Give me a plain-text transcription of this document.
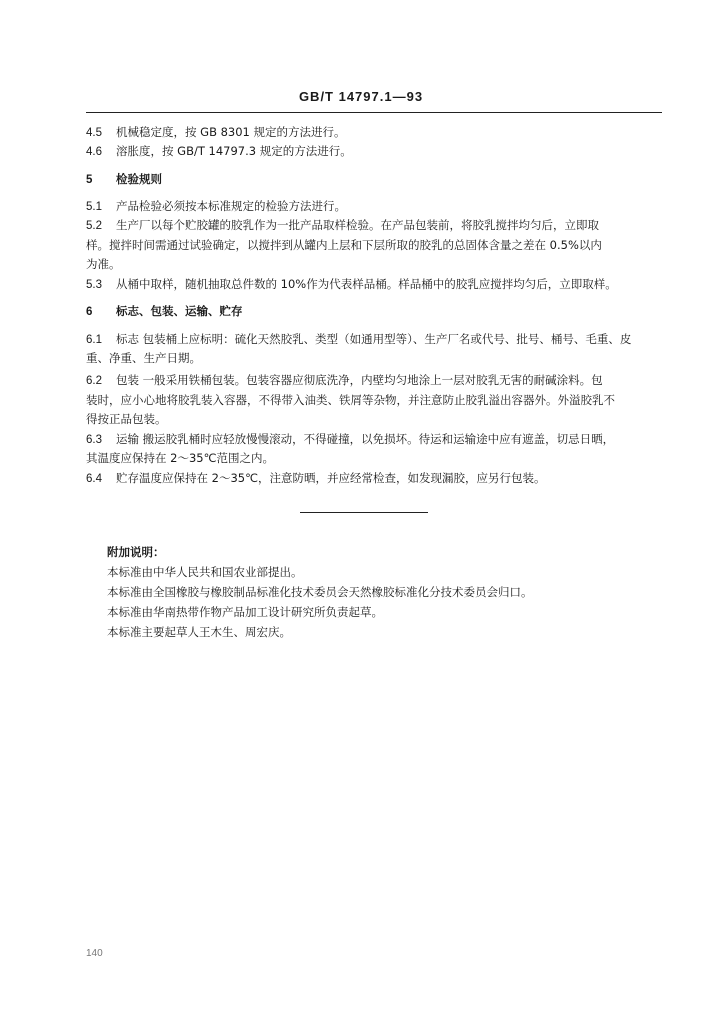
GB/T 14797.1—93
4.5 机械稳定度，按 GB 8301 规定的方法进行。
4.6 溶胀度，按 GB/T 14797.3 规定的方法进行。
5 检验规则
5.1 产品检验必须按本标准规定的检验方法进行。
5.2 生产厂以每个贮胶罐的胶乳作为一批产品取样检验。在产品包装前，将胶乳搅拌均匀后，立即取
样。搅拌时间需通过试验确定，以搅拌到从罐内上层和下层所取的胶乳的总固体含量之差在 0.5%以内
为准。
5.3 从桶中取样，随机抽取总件数的 10%作为代表样品桶。样品桶中的胶乳应搅拌均匀后，立即取样。
6 标志、包装、运输、贮存
6.1 标志 包装桶上应标明：硫化天然胶乳、类型（如通用型等）、生产厂名或代号、批号、桶号、毛重、皮
重、净重、生产日期。
6.2 包装 一般采用铁桶包装。包装容器应彻底洗净，内壁均匀地涂上一层对胶乳无害的耐碱涂料。包
装时，应小心地将胶乳装入容器，不得带入油类、铁屑等杂物，并注意防止胶乳溢出容器外。外溢胶乳不
得按正品包装。
6.3 运输 搬运胶乳桶时应轻放慢慢滚动，不得碰撞，以免损坏。待运和运输途中应有遮盖，切忌日晒，
其温度应保持在 2～35℃范围之内。
6.4 贮存温度应保持在 2～35℃，注意防晒，并应经常检查，如发现漏胶，应另行包装。
附加说明：
本标准由中华人民共和国农业部提出。
本标准由全国橡胶与橡胶制品标准化技术委员会天然橡胶标准化分技术委员会归口。
本标准由华南热带作物产品加工设计研究所负责起草。
本标准主要起草人王木生、周宏庆。
140
